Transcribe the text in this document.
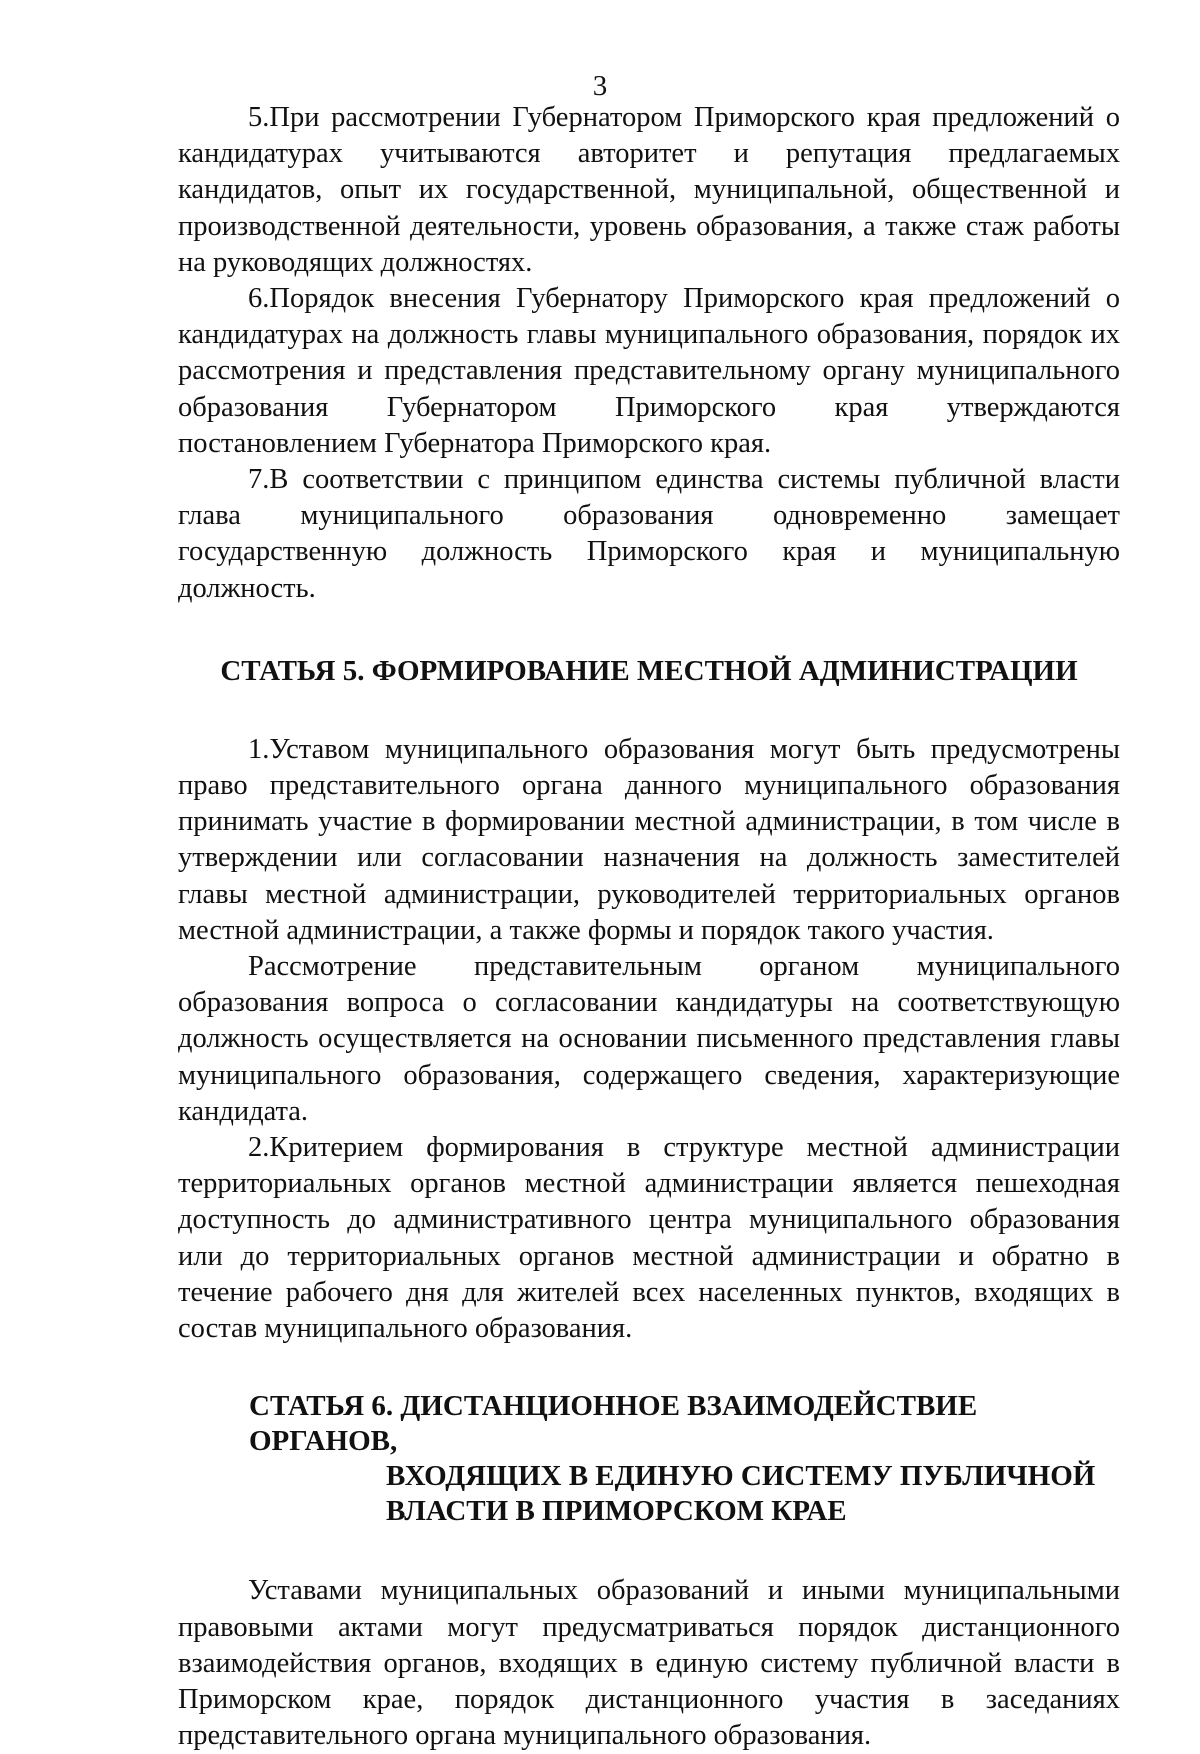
3

5.При рассмотрении Губернатором Приморского края предложений о кандидатурах учитываются авторитет и репутация предлагаемых кандидатов, опыт их государственной, муниципальной, общественной и производственной деятельности, уровень образования, а также стаж работы на руководящих должностях.

6.Порядок внесения Губернатору Приморского края предложений о кандидатурах на должность главы муниципального образования, порядок их рассмотрения и представления представительному органу муниципального образования Губернатором Приморского края утверждаются постановлением Губернатора Приморского края.

7.В соответствии с принципом единства системы публичной власти глава муниципального образования одновременно замещает государственную должность Приморского края и муниципальную должность.

СТАТЬЯ 5. ФОРМИРОВАНИЕ МЕСТНОЙ АДМИНИСТРАЦИИ

1.Уставом муниципального образования могут быть предусмотрены право представительного органа данного муниципального образования принимать участие в формировании местной администрации, в том числе в утверждении или согласовании назначения на должность заместителей главы местной администрации, руководителей территориальных органов местной администрации, а также формы и порядок такого участия.

Рассмотрение представительным органом муниципального образования вопроса о согласовании кандидатуры на соответствующую должность осуществляется на основании письменного представления главы муниципального образования, содержащего сведения, характеризующие кандидата.

2.Критерием формирования в структуре местной администрации территориальных органов местной администрации является пешеходная доступность до административного центра муниципального образования или до территориальных органов местной администрации и обратно в течение рабочего дня для жителей всех населенных пунктов, входящих в состав муниципального образования.

СТАТЬЯ 6. ДИСТАНЦИОННОЕ ВЗАИМОДЕЙСТВИЕ ОРГАНОВ,
ВХОДЯЩИХ В ЕДИНУЮ СИСТЕМУ ПУБЛИЧНОЙ
ВЛАСТИ В ПРИМОРСКОМ КРАЕ

Уставами муниципальных образований и иными муниципальными правовыми актами могут предусматриваться порядок дистанционного взаимодействия органов, входящих в единую систему публичной власти в Приморском крае, порядок дистанционного участия в заседаниях представительного органа муниципального образования.
